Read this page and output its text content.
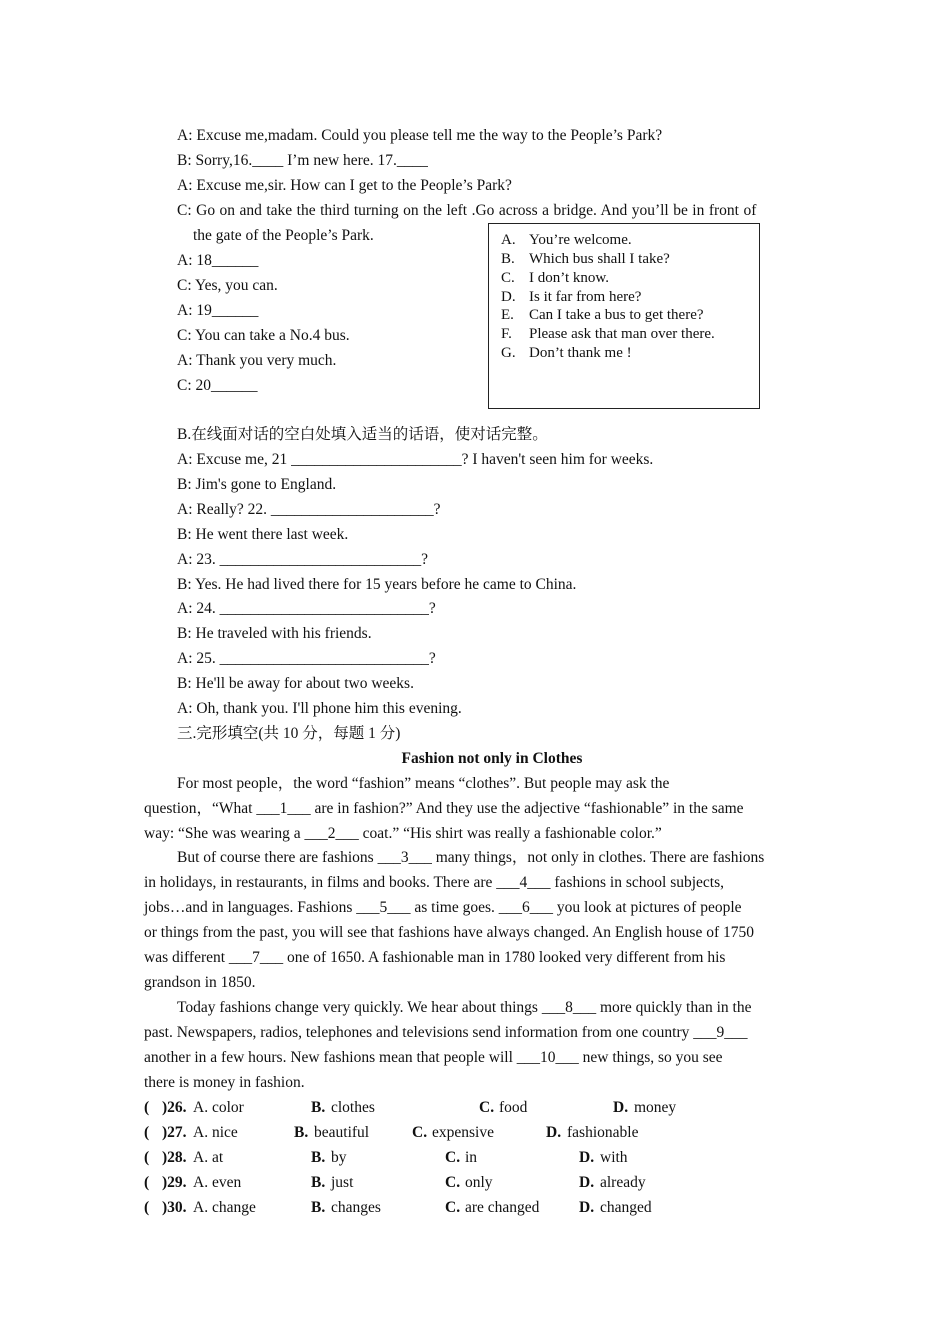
A: Excuse me,madam. Could you please tell me the way to the People’s Park?
B: Sorry,16.____ I’m new here. 17.____
A: Excuse me,sir. How can I get to the People’s Park?
C: Go on and take the third turning on the left .Go across a bridge. And you’ll be in front of
the gate of the People’s Park.
A: 18______
C: Yes, you can.
A: 19______
C: You can take a No.4 bus.
A: Thank you very much.
C: 20______
A. You’re welcome.
B. Which bus shall I take?
C. I don’t know.
D. Is it far from here?
E. Can I take a bus to get there?
F. Please ask that man over there.
G. Don’t thank me !
B.在线面对话的空白处填入适当的话语，使对话完整。
A: Excuse me, 21 ______________________? I haven't seen him for weeks.
B: Jim's gone to England.
A: Really? 22. _____________________?
B: He went there last week.
A: 23. __________________________?
B: Yes. He had lived there for 15 years before he came to China.
A: 24. ___________________________?
B: He traveled with his friends.
A: 25. ___________________________?
B: He'll be away for about two weeks.
A: Oh, thank you. I'll phone him this evening.
三.完形填空(共 10 分，每题 1 分)
Fashion not only in Clothes
For most people，the word “fashion” means “clothes”. But people may ask the
question，“What ___1___ are in fashion?” And they use the adjective “fashionable” in the same
way: “She was wearing a ___2___ coat.” “His shirt was really a fashionable color.”
But of course there are fashions ___3___ many things，not only in clothes. There are fashions
in holidays, in restaurants, in films and books. There are ___4___ fashions in school subjects,
jobs…and in languages. Fashions ___5___ as time goes. ___6___ you look at pictures of people
or things from the past, you will see that fashions have always changed. An English house of 1750
was different ___7___ one of 1650. A fashionable man in 1780 looked very different from his
grandson in 1850.
Today fashions change very quickly. We hear about things ___8___ more quickly than in the
past. Newspapers, radios, telephones and televisions send information from one country ___9___
another in a few hours. New fashions mean that people will ___10___ new things, so you see
there is money in fashion.
( )26. A. color	B. clothes	C. food	D. money
( )27. A. nice	B. beautiful	C. expensive	D. fashionable
( )28. A. at	B. by	C. in	D. with
( )29. A. even	B. just	C. only	D. already
( )30. A. change	B. changes	C. are changed	D. changed
